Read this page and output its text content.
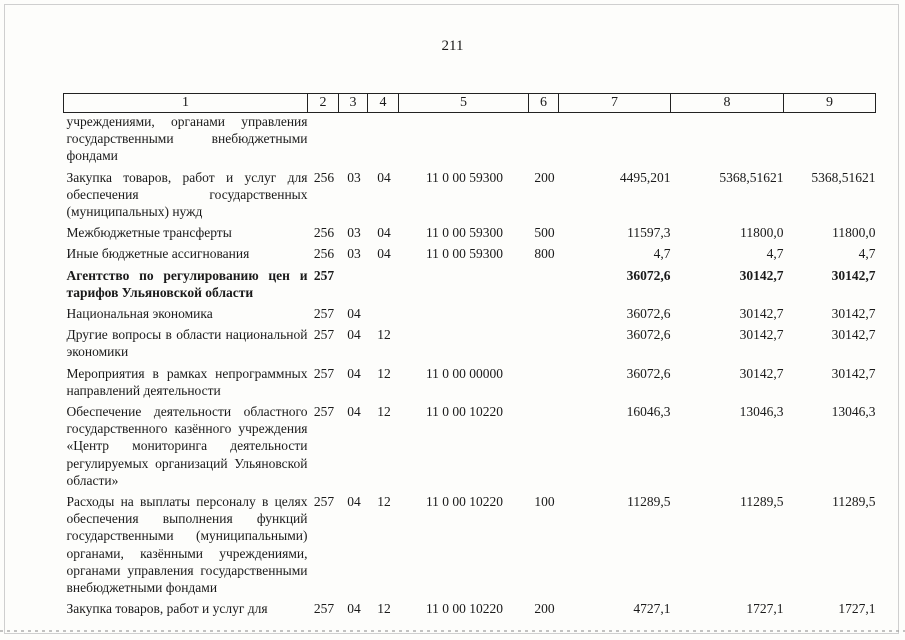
211
1	2	3	4	5	6	7	8	9
учреждениями, органами управления государственными внебюджетными фондами								
Закупка товаров, работ и услуг для обеспечения государственных (муниципальных) нужд	256	03	04	11 0 00 59300	200	4495,201	5368,51621	5368,51621
Межбюджетные трансферты	256	03	04	11 0 00 59300	500	11597,3	11800,0	11800,0
Иные бюджетные ассигнования	256	03	04	11 0 00 59300	800	4,7	4,7	4,7
Агентство по регулированию цен и тарифов Ульяновской области	257					36072,6	30142,7	30142,7
Национальная экономика	257	04				36072,6	30142,7	30142,7
Другие вопросы в области национальной экономики	257	04	12			36072,6	30142,7	30142,7
Мероприятия в рамках непрограммных направлений деятельности	257	04	12	11 0 00 00000		36072,6	30142,7	30142,7
Обеспечение деятельности областного государственного казённого учреждения «Центр мониторинга деятельности регулируемых организаций Ульяновской области»	257	04	12	11 0 00 10220		16046,3	13046,3	13046,3
Расходы на выплаты персоналу в целях обеспечения выполнения функций государственными (муниципальными) органами, казёнными учреждениями, органами управления государственными внебюджетными фондами	257	04	12	11 0 00 10220	100	11289,5	11289,5	11289,5
Закупка товаров, работ и услуг для	257	04	12	11 0 00 10220	200	4727,1	1727,1	1727,1
